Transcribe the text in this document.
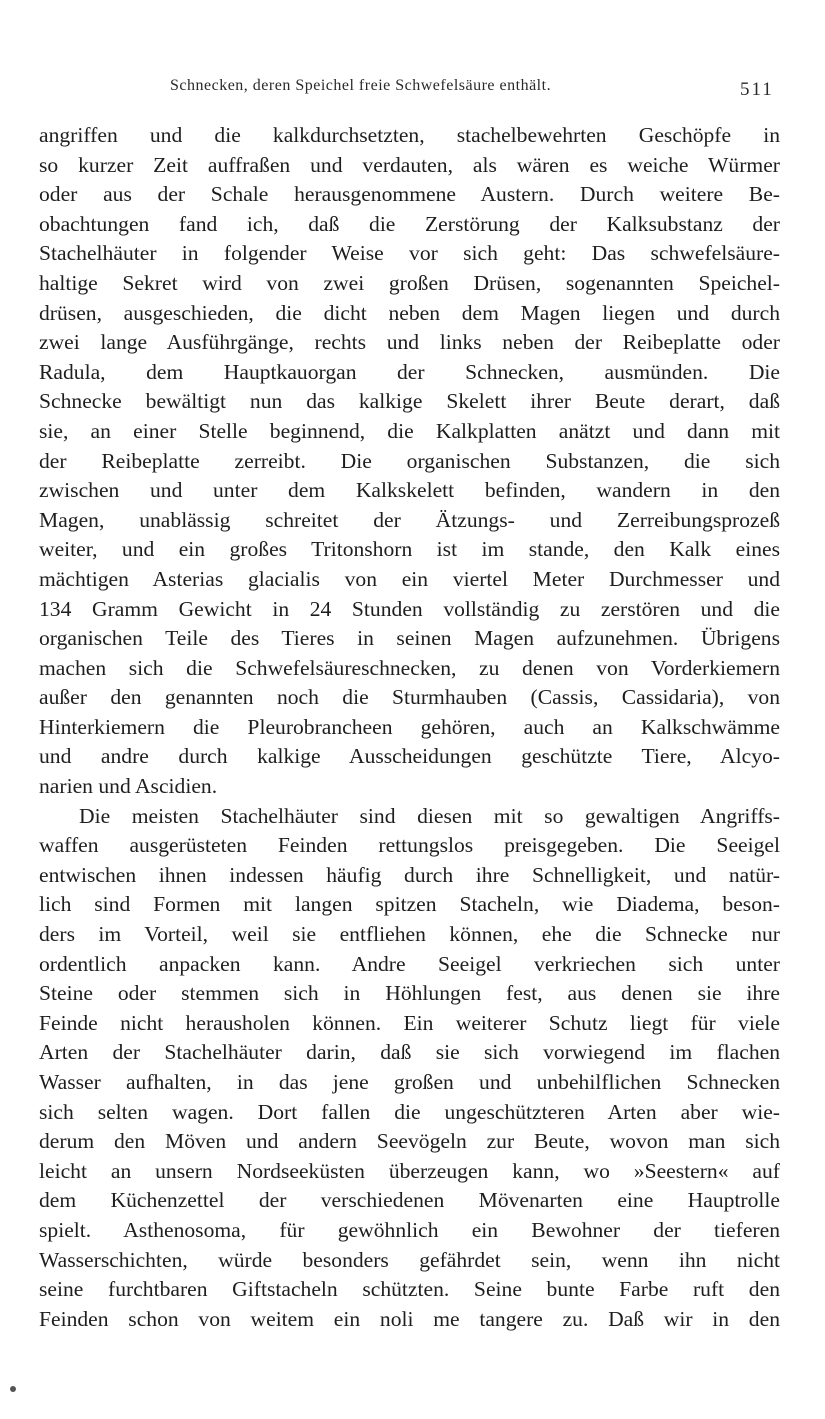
Schnecken, deren Speichel freie Schwefelsäure enthält.	511
angriffen und die kalkdurchsetzten, stachelbewehrten Geschöpfe in
so kurzer Zeit auffraßen und verdauten, als wären es weiche Würmer
oder aus der Schale herausgenommene Austern. Durch weitere Be-
obachtungen fand ich, daß die Zerstörung der Kalksubstanz der
Stachelhäuter in folgender Weise vor sich geht: Das schwefelsäure-
haltige Sekret wird von zwei großen Drüsen, sogenannten Speichel-
drüsen, ausgeschieden, die dicht neben dem Magen liegen und durch
zwei lange Ausführgänge, rechts und links neben der Reibeplatte oder
Radula, dem Hauptkauorgan der Schnecken, ausmünden. Die
Schnecke bewältigt nun das kalkige Skelett ihrer Beute derart, daß
sie, an einer Stelle beginnend, die Kalkplatten anätzt und dann mit
der Reibeplatte zerreibt. Die organischen Substanzen, die sich
zwischen und unter dem Kalkskelett befinden, wandern in den
Magen, unablässig schreitet der Ätzungs- und Zerreibungsprozeß
weiter, und ein großes Tritonshorn ist im stande, den Kalk eines
mächtigen Asterias glacialis von ein viertel Meter Durchmesser und
134 Gramm Gewicht in 24 Stunden vollständig zu zerstören und die
organischen Teile des Tieres in seinen Magen aufzunehmen. Übrigens
machen sich die Schwefelsäureschnecken, zu denen von Vorderkiemern
außer den genannten noch die Sturmhauben (Cassis, Cassidaria), von
Hinterkiemern die Pleurobrancheen gehören, auch an Kalkschwämme
und andre durch kalkige Ausscheidungen geschützte Tiere, Alcyo-
narien und Ascidien.
Die meisten Stachelhäuter sind diesen mit so gewaltigen Angriffs-
waffen ausgerüsteten Feinden rettungslos preisgegeben. Die Seeigel
entwischen ihnen indessen häufig durch ihre Schnelligkeit, und natür-
lich sind Formen mit langen spitzen Stacheln, wie Diadema, beson-
ders im Vorteil, weil sie entfliehen können, ehe die Schnecke nur
ordentlich anpacken kann. Andre Seeigel verkriechen sich unter
Steine oder stemmen sich in Höhlungen fest, aus denen sie ihre
Feinde nicht herausholen können. Ein weiterer Schutz liegt für viele
Arten der Stachelhäuter darin, daß sie sich vorwiegend im flachen
Wasser aufhalten, in das jene großen und unbehilflichen Schnecken
sich selten wagen. Dort fallen die ungeschützteren Arten aber wie-
derum den Möven und andern Seevögeln zur Beute, wovon man sich
leicht an unsern Nordseeküsten überzeugen kann, wo »Seestern« auf
dem Küchenzettel der verschiedenen Mövenarten eine Hauptrolle
spielt. Asthenosoma, für gewöhnlich ein Bewohner der tieferen
Wasserschichten, würde besonders gefährdet sein, wenn ihn nicht
seine furchtbaren Giftstacheln schützten. Seine bunte Farbe ruft den
Feinden schon von weitem ein noli me tangere zu. Daß wir in den
